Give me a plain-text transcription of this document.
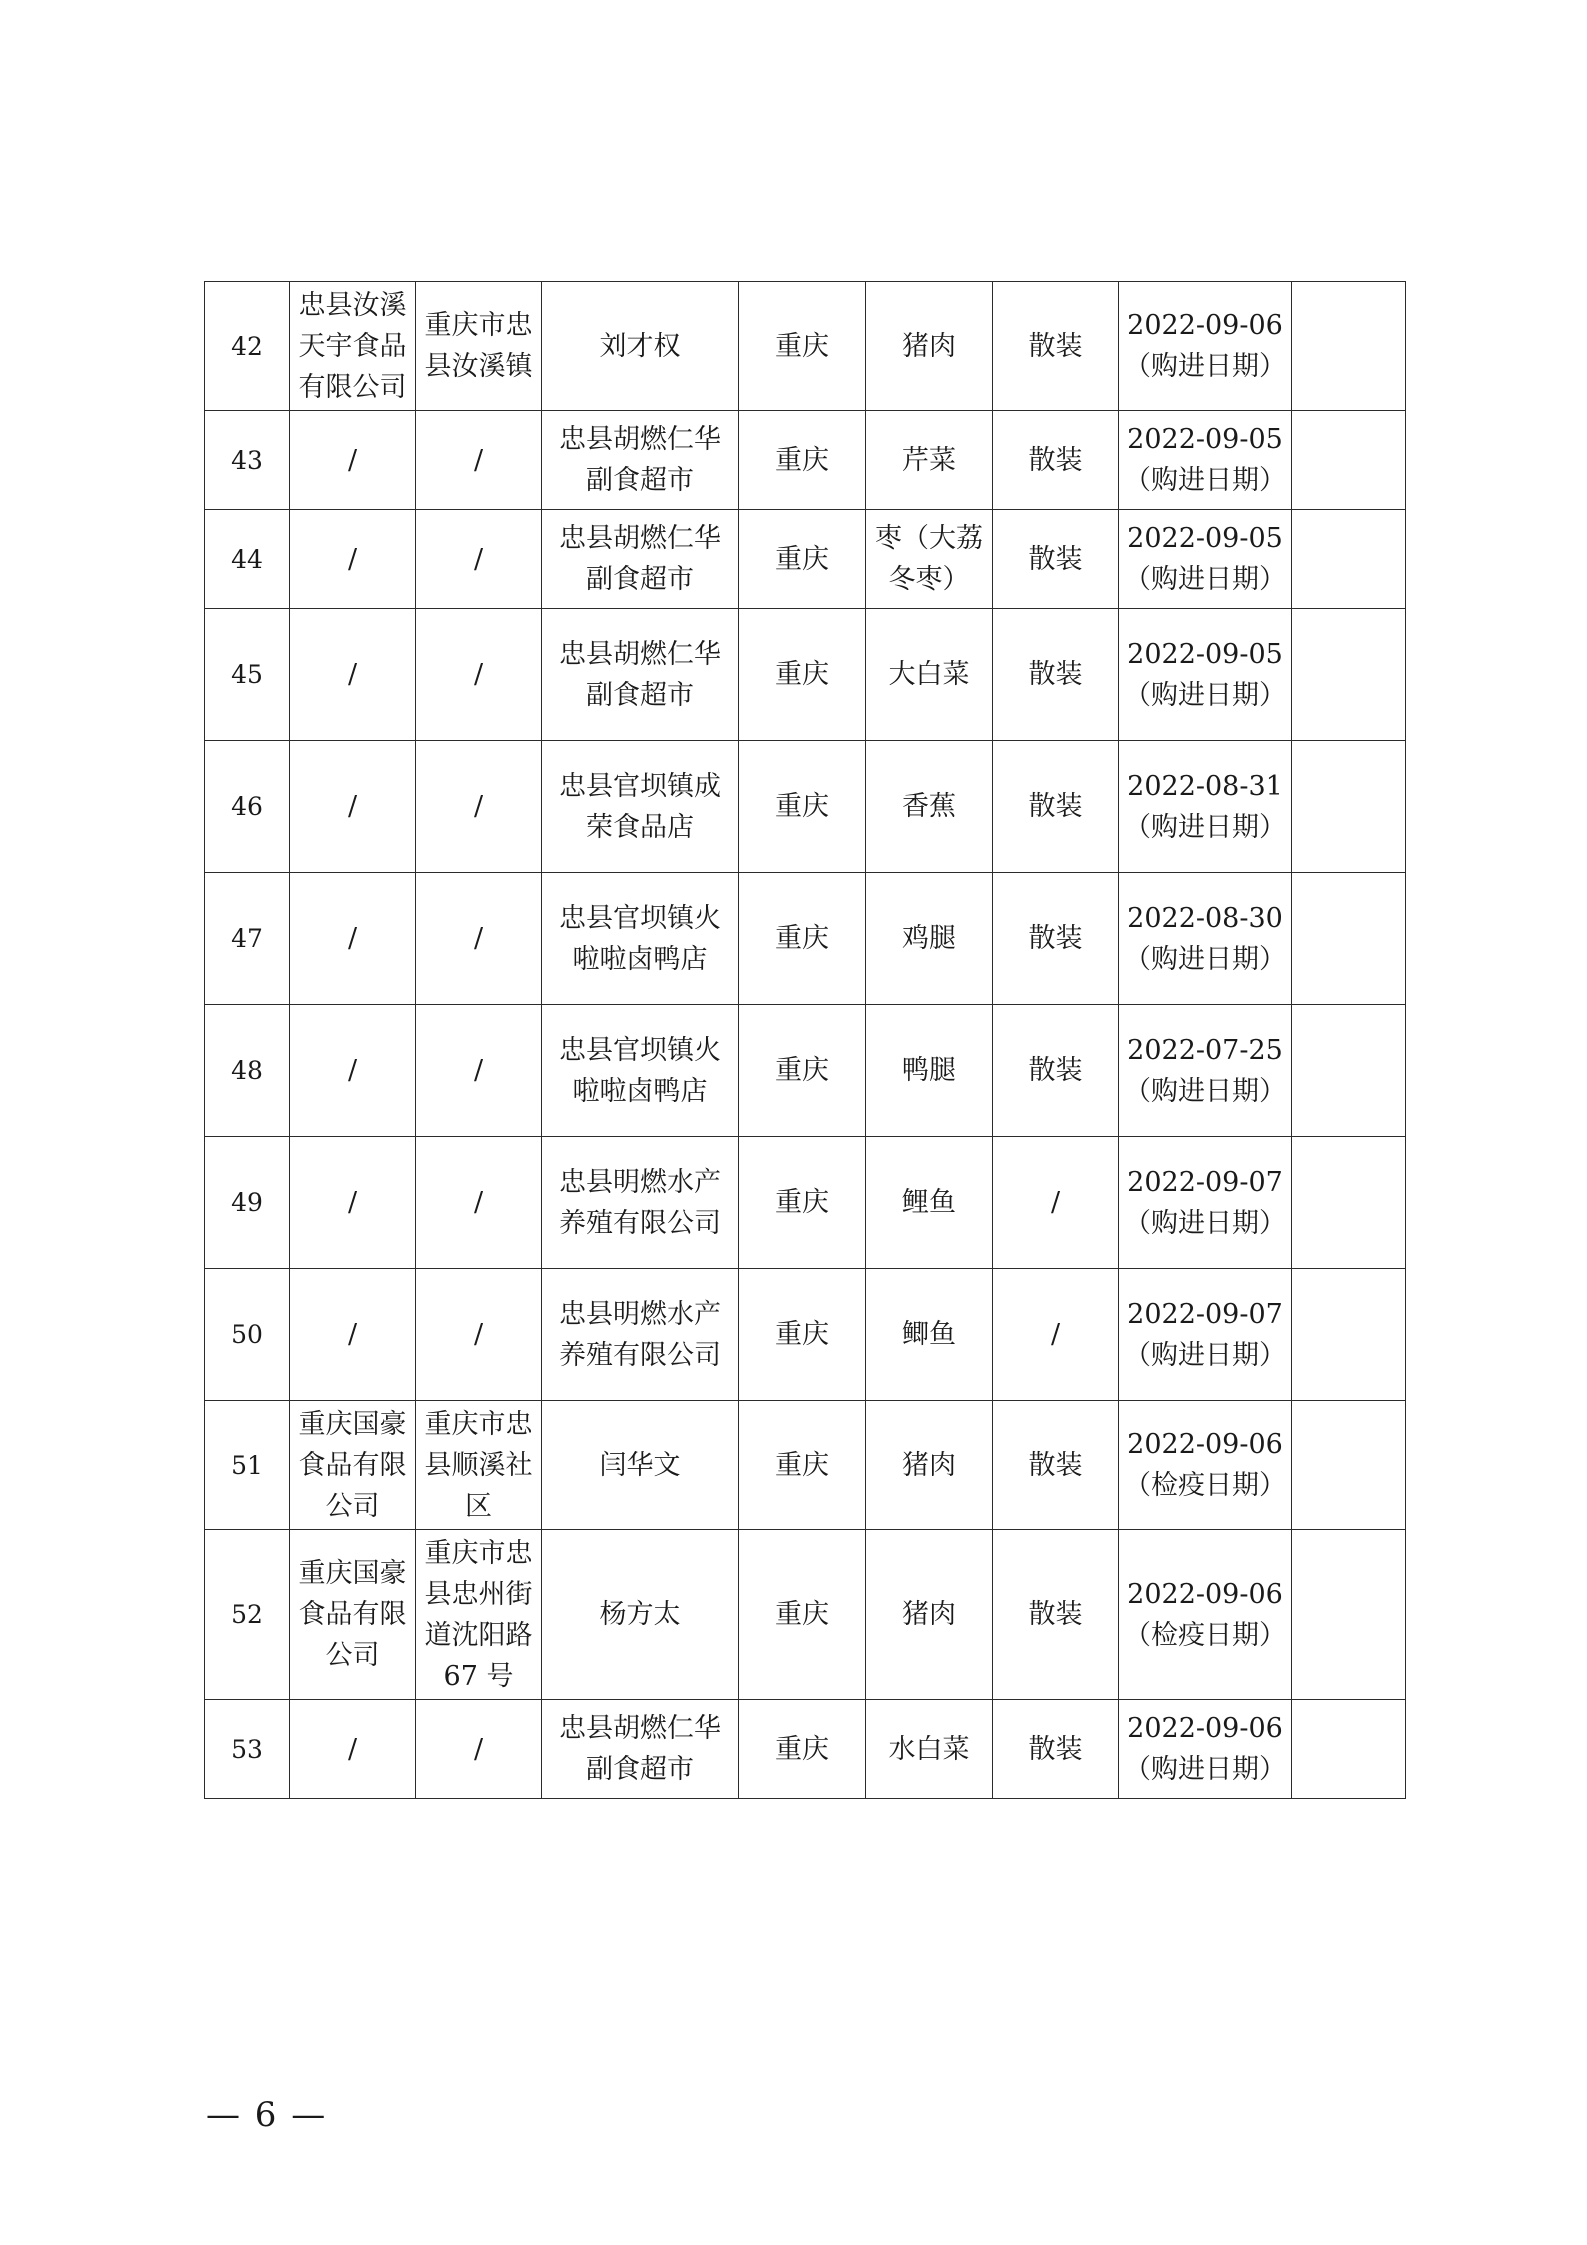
42	忠县汝溪
天宇食品
有限公司	重庆市忠
县汝溪镇	刘才权	重庆	猪肉	散装	2022-09-06
（购进日期）	
43	/	/	忠县胡燃仁华
副食超市	重庆	芹菜	散装	2022-09-05
（购进日期）	
44	/	/	忠县胡燃仁华
副食超市	重庆	枣（大荔
冬枣）	散装	2022-09-05
（购进日期）	
45	/	/	忠县胡燃仁华
副食超市	重庆	大白菜	散装	2022-09-05
（购进日期）	
46	/	/	忠县官坝镇成
荣食品店	重庆	香蕉	散装	2022-08-31
（购进日期）	
47	/	/	忠县官坝镇火
啦啦卤鸭店	重庆	鸡腿	散装	2022-08-30
（购进日期）	
48	/	/	忠县官坝镇火
啦啦卤鸭店	重庆	鸭腿	散装	2022-07-25
（购进日期）	
49	/	/	忠县明燃水产
养殖有限公司	重庆	鲤鱼	/	2022-09-07
（购进日期）	
50	/	/	忠县明燃水产
养殖有限公司	重庆	鲫鱼	/	2022-09-07
（购进日期）	
51	重庆国豪
食品有限
公司	重庆市忠
县顺溪社
区	闫华文	重庆	猪肉	散装	2022-09-06
（检疫日期）	
52	重庆国豪
食品有限
公司	重庆市忠
县忠州街
道沈阳路
67 号	杨方太	重庆	猪肉	散装	2022-09-06
（检疫日期）	
53	/	/	忠县胡燃仁华
副食超市	重庆	水白菜	散装	2022-09-06
（购进日期）	
— 6 —
